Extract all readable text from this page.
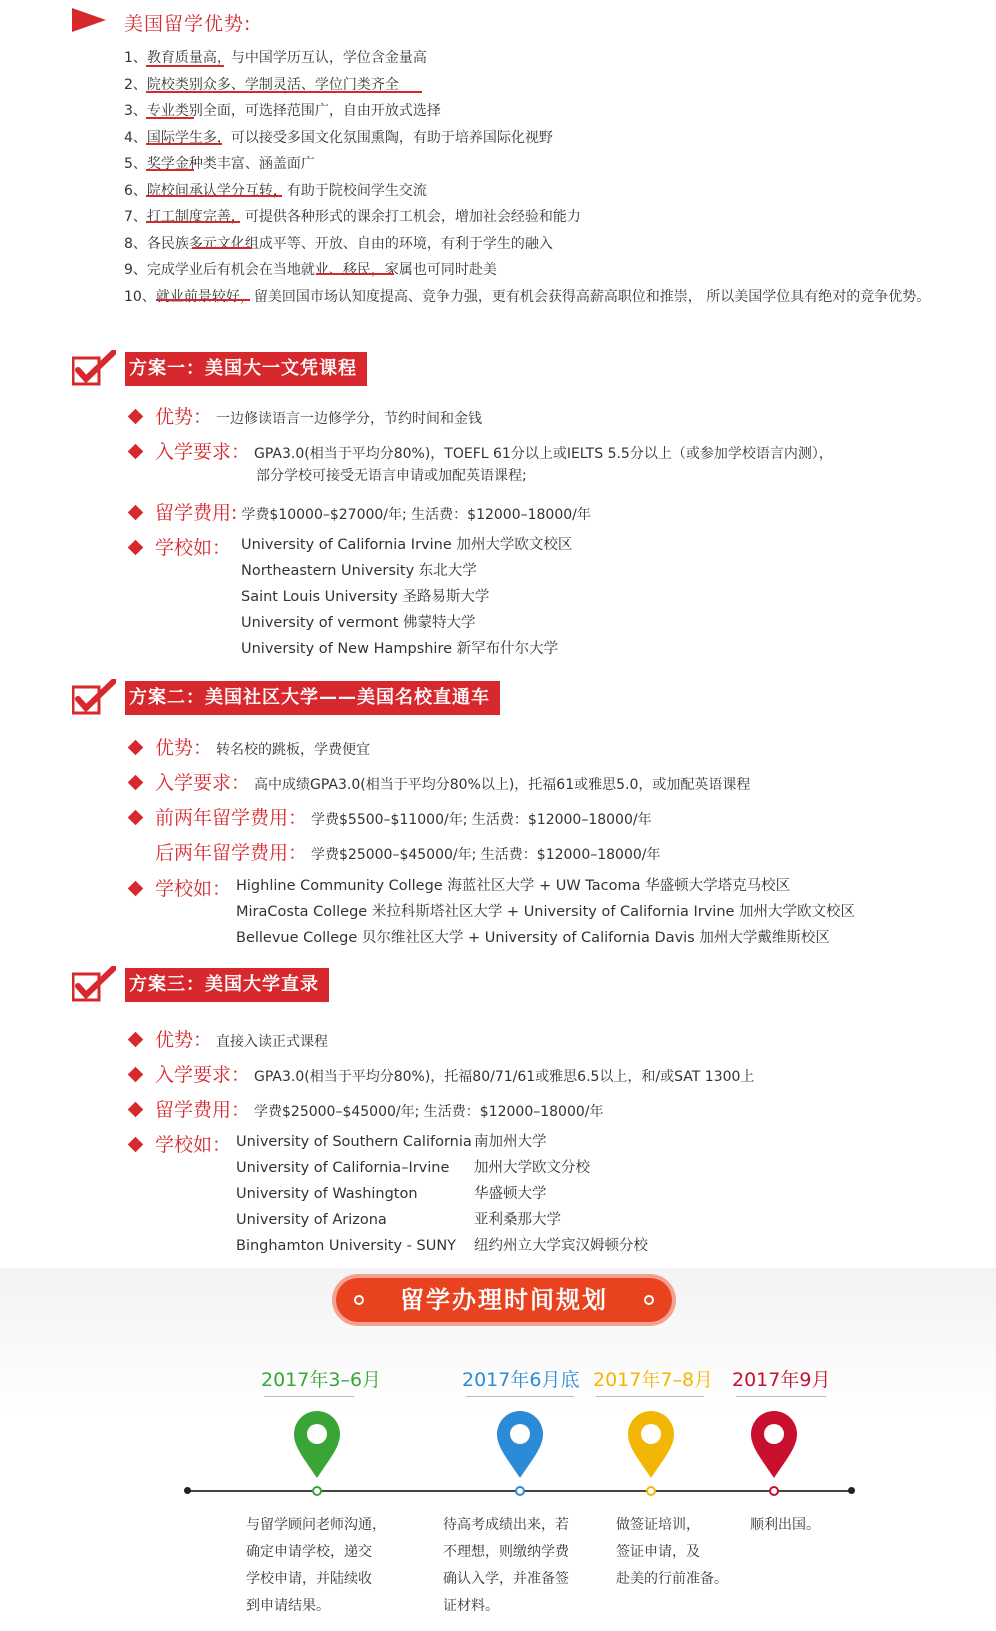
美国留学优势:
1、教育质量高，与中国学历互认，学位含金量高
2、院校类别众多、学制灵活、学位门类齐全
3、专业类别全面，可选择范围广，自由开放式选择
4、国际学生多，可以接受多国文化氛围熏陶，有助于培养国际化视野
5、奖学金种类丰富、涵盖面广
6、院校间承认学分互转，有助于院校间学生交流
7、打工制度完善，可提供各种形式的课余打工机会，增加社会经验和能力
8、各民族多元文化组成平等、开放、自由的环境，有利于学生的融入
9、完成学业后有机会在当地就业、移民，家属也可同时赴美
10、就业前景较好，留美回国市场认知度提高、竞争力强，更有机会获得高薪高职位和推崇， 所以美国学位具有绝对的竞争优势。
方案一：美国大一文凭课程
优势： 一边修读语言一边修学分，节约时间和金钱
入学要求： GPA3.0(相当于平均分80%)，TOEFL 61分以上或IELTS 5.5分以上（或参加学校语言内测），
部分学校可接受无语言申请或加配英语课程;
留学费用: 学费$10000–$27000/年; 生活费：$12000–18000/年
学校如： University of California Irvine 加州大学欧文校区
Northeastern University 东北大学
Saint Louis University 圣路易斯大学
University of vermont 佛蒙特大学
University of New Hampshire 新罕布什尔大学
方案二：美国社区大学——美国名校直通车
优势： 转名校的跳板，学费便宜
入学要求： 高中成绩GPA3.0(相当于平均分80%以上)，托福61或雅思5.0，或加配英语课程
前两年留学费用： 学费$5500–$11000/年; 生活费：$12000–18000/年
后两年留学费用： 学费$25000–$45000/年; 生活费：$12000–18000/年
学校如： Highline Community College 海蓝社区大学 + UW Tacoma 华盛顿大学塔克马校区
MiraCosta College 米拉科斯塔社区大学 + University of California Irvine 加州大学欧文校区
Bellevue College 贝尔维社区大学 + University of California Davis 加州大学戴维斯校区
方案三：美国大学直录
优势： 直接入读正式课程
入学要求： GPA3.0(相当于平均分80%)，托福80/71/61或雅思6.5以上，和/或SAT 1300上
留学费用： 学费$25000–$45000/年; 生活费：$12000–18000/年
学校如： University of Southern California
University of California–Irvine
University of Washington
University of Arizona
Binghamton University - SUNY
南加州大学
加州大学欧文分校
华盛顿大学
亚利桑那大学
纽约州立大学宾汉姆顿分校
留学办理时间规划
2017年3–6月	2017年6月底 2017年7–8月 2017年9月
与留学顾问老师沟通，
确定申请学校，递交
学校申请，并陆续收
到申请结果。
待高考成绩出来，若
不理想，则缴纳学费
确认入学，并准备签
证材料。
做签证培训，
签证申请，及
赴美的行前准备。
顺利出国。
